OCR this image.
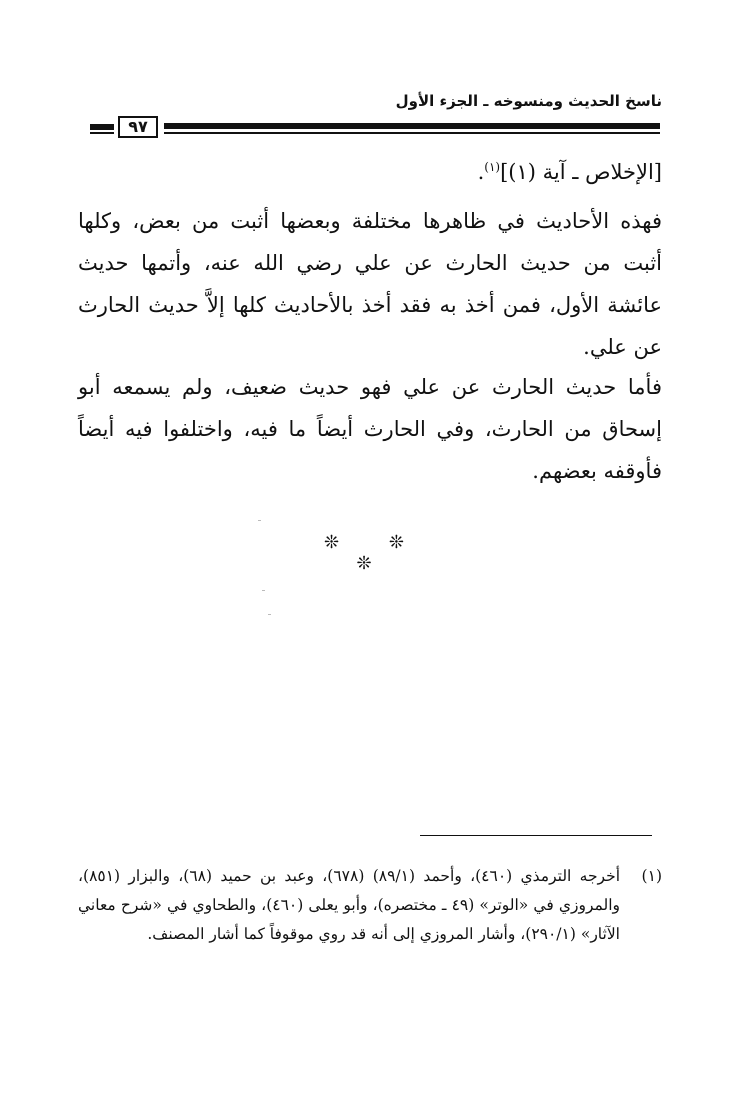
ناسخ الحديث ومنسوخه ـ الجزء الأول
٩٧

[الإخلاص ـ آية (١)]$^{(١)}$.

فهذه الأحاديث في ظاهرها مختلفة وبعضها أثبت من بعض، وكلها أثبت من حديث الحارث عن علي رضي الله عنه، وأتمها حديث عائشة الأول، فمن أخذ به فقد أخذ بالأحاديث كلها إلاَّ حديث الحارث عن علي.

فأما حديث الحارث عن علي فهو حديث ضعيف، ولم يسمعه أبو إسحاق من الحارث، وفي الحارث أيضاً ما فيه، واختلفوا فيه أيضاً فأوقفه بعضهم.

❊ ❊ ❊
(١)
أخرجه الترمذي (٤٦٠)، وأحمد (٨٩/١) (٦٧٨)، وعبد بن حميد (٦٨)، والبزار (٨٥١)، والمروزي في «الوتر» (٤٩ ـ مختصره)، وأبو يعلى (٤٦٠)، والطحاوي في «شرح معاني الآثار» (٢٩٠/١)، وأشار المروزي إلى أنه قد روي موقوفاً كما أشار المصنف.
